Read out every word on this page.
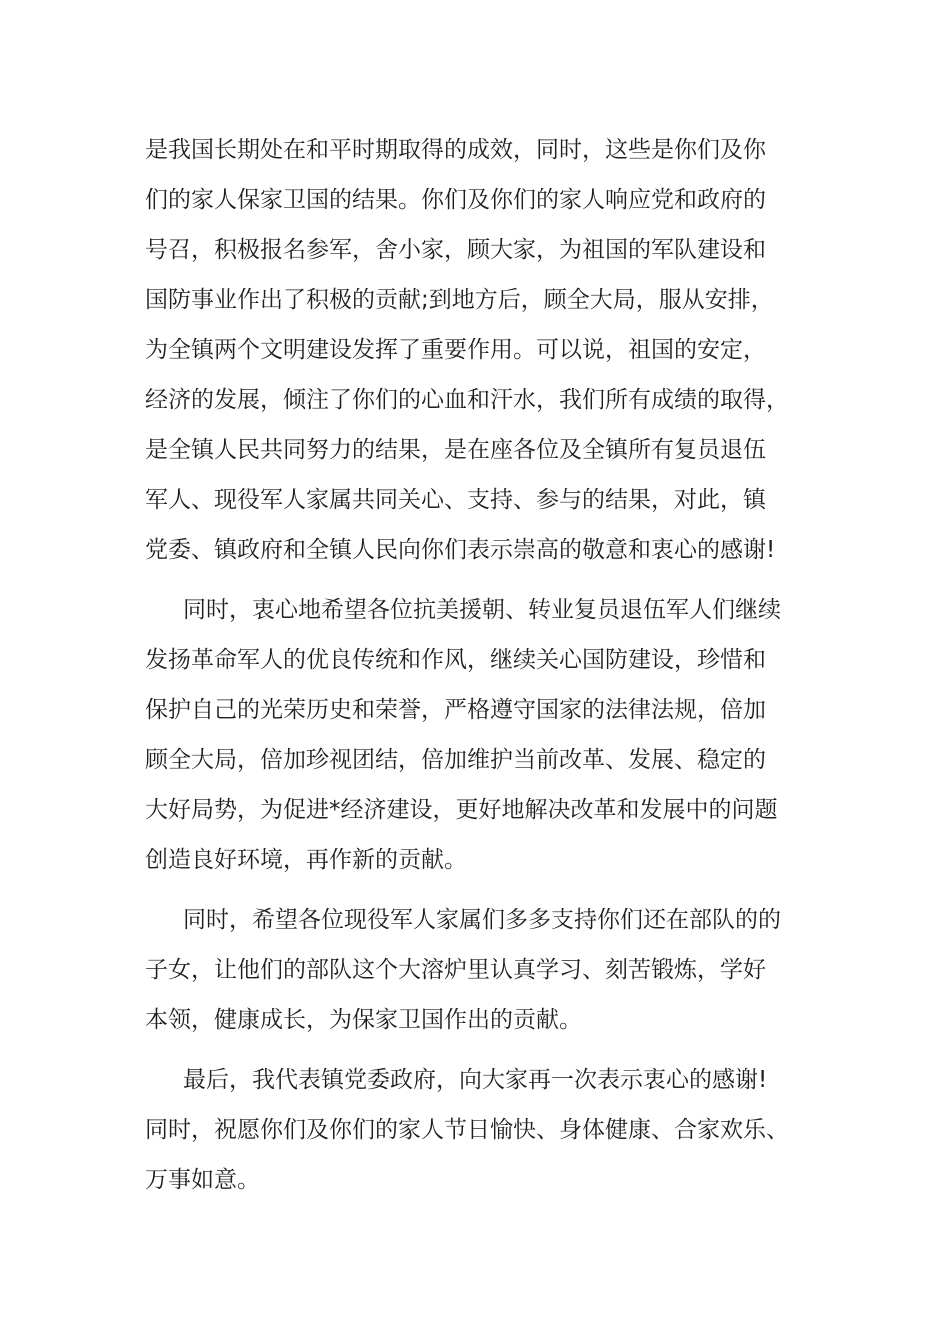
是我国长期处在和平时期取得的成效，同时，这些是你们及你
们的家人保家卫国的结果。你们及你们的家人响应党和政府的
号召，积极报名参军，舍小家，顾大家，为祖国的军队建设和
国防事业作出了积极的贡献;到地方后，顾全大局，服从安排，
为全镇两个文明建设发挥了重要作用。可以说，祖国的安定，
经济的发展，倾注了你们的心血和汗水，我们所有成绩的取得，
是全镇人民共同努力的结果，是在座各位及全镇所有复员退伍
军人、现役军人家属共同关心、支持、参与的结果，对此，镇
党委、镇政府和全镇人民向你们表示崇高的敬意和衷心的感谢!
同时，衷心地希望各位抗美援朝、转业复员退伍军人们继续
发扬革命军人的优良传统和作风，继续关心国防建设，珍惜和
保护自己的光荣历史和荣誉，严格遵守国家的法律法规，倍加
顾全大局，倍加珍视团结，倍加维护当前改革、发展、稳定的
大好局势，为促进*经济建设，更好地解决改革和发展中的问题
创造良好环境，再作新的贡献。
同时，希望各位现役军人家属们多多支持你们还在部队的的
子女，让他们的部队这个大溶炉里认真学习、刻苦锻炼，学好
本领，健康成长，为保家卫国作出的贡献。
最后，我代表镇党委政府，向大家再一次表示衷心的感谢!
同时，祝愿你们及你们的家人节日愉快、身体健康、合家欢乐、
万事如意。
